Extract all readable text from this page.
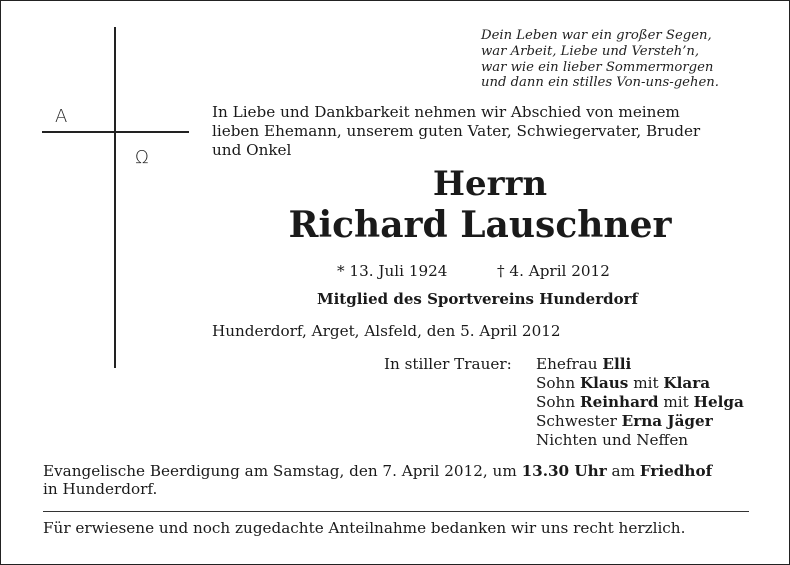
Dein Leben war ein großer Segen,
war Arbeit, Liebe und Versteh’n,
war wie ein lieber Sommermorgen
und dann ein stilles Von-uns-gehen.
A
Ω
In Liebe und Dankbarkeit nehmen wir Abschied von meinem
lieben Ehemann, unserem guten Vater, Schwiegervater, Bruder
und Onkel
Herrn
Richard Lauschner
* 13. Juli 1924	† 4. April 2012
Mitglied des Sportvereins Hunderdorf
Hunderdorf, Arget, Alsfeld, den 5. April 2012
In stiller Trauer: Ehefrau Elli
Sohn Klaus mit Klara
Sohn Reinhard mit Helga
Schwester Erna Jäger
Nichten und Neffen
Evangelische Beerdigung am Samstag, den 7. April 2012, um 13.30 Uhr am Friedhof
in Hunderdorf.
Für erwiesene und noch zugedachte Anteilnahme bedanken wir uns recht herzlich.
